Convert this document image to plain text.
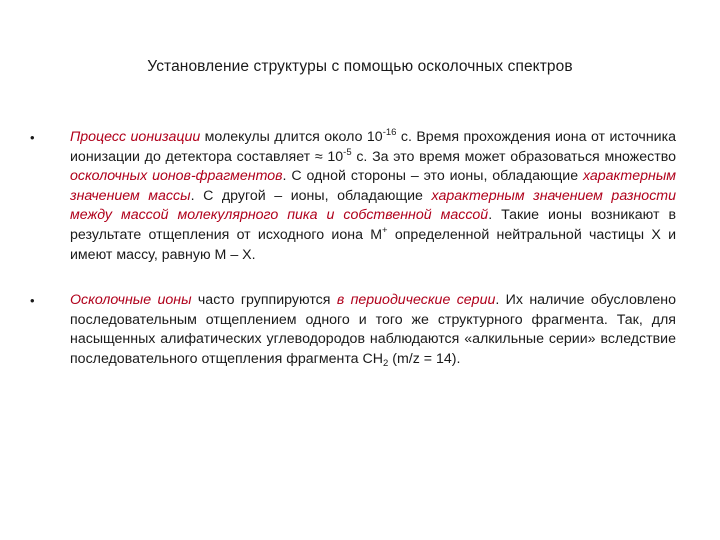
Установление структуры с помощью осколочных спектров
•	Процесс ионизации молекулы длится около $10^{-16}$ с. Время прохождения иона от источника ионизации до детектора составляет ≈ $10^{-5}$ с. За это время может образоваться множество осколочных ионов-фрагментов. С одной стороны – это ионы, обладающие характерным значением массы. С другой – ионы, обладающие характерным значением разности между массой молекулярного пика и собственной массой. Такие ионы возникают в результате отщепления от исходного иона М+ определенной нейтральной частицы Х и имеют массу, равную М – Х.
•	Осколочные ионы часто группируются в периодические серии. Их наличие обусловлено последовательным отщеплением одного и того же структурного фрагмента. Так, для насыщенных алифатических углеводородов наблюдаются «алкильные серии» вследствие последовательного отщепления фрагмента $СН_2$ (m/z = 14).
